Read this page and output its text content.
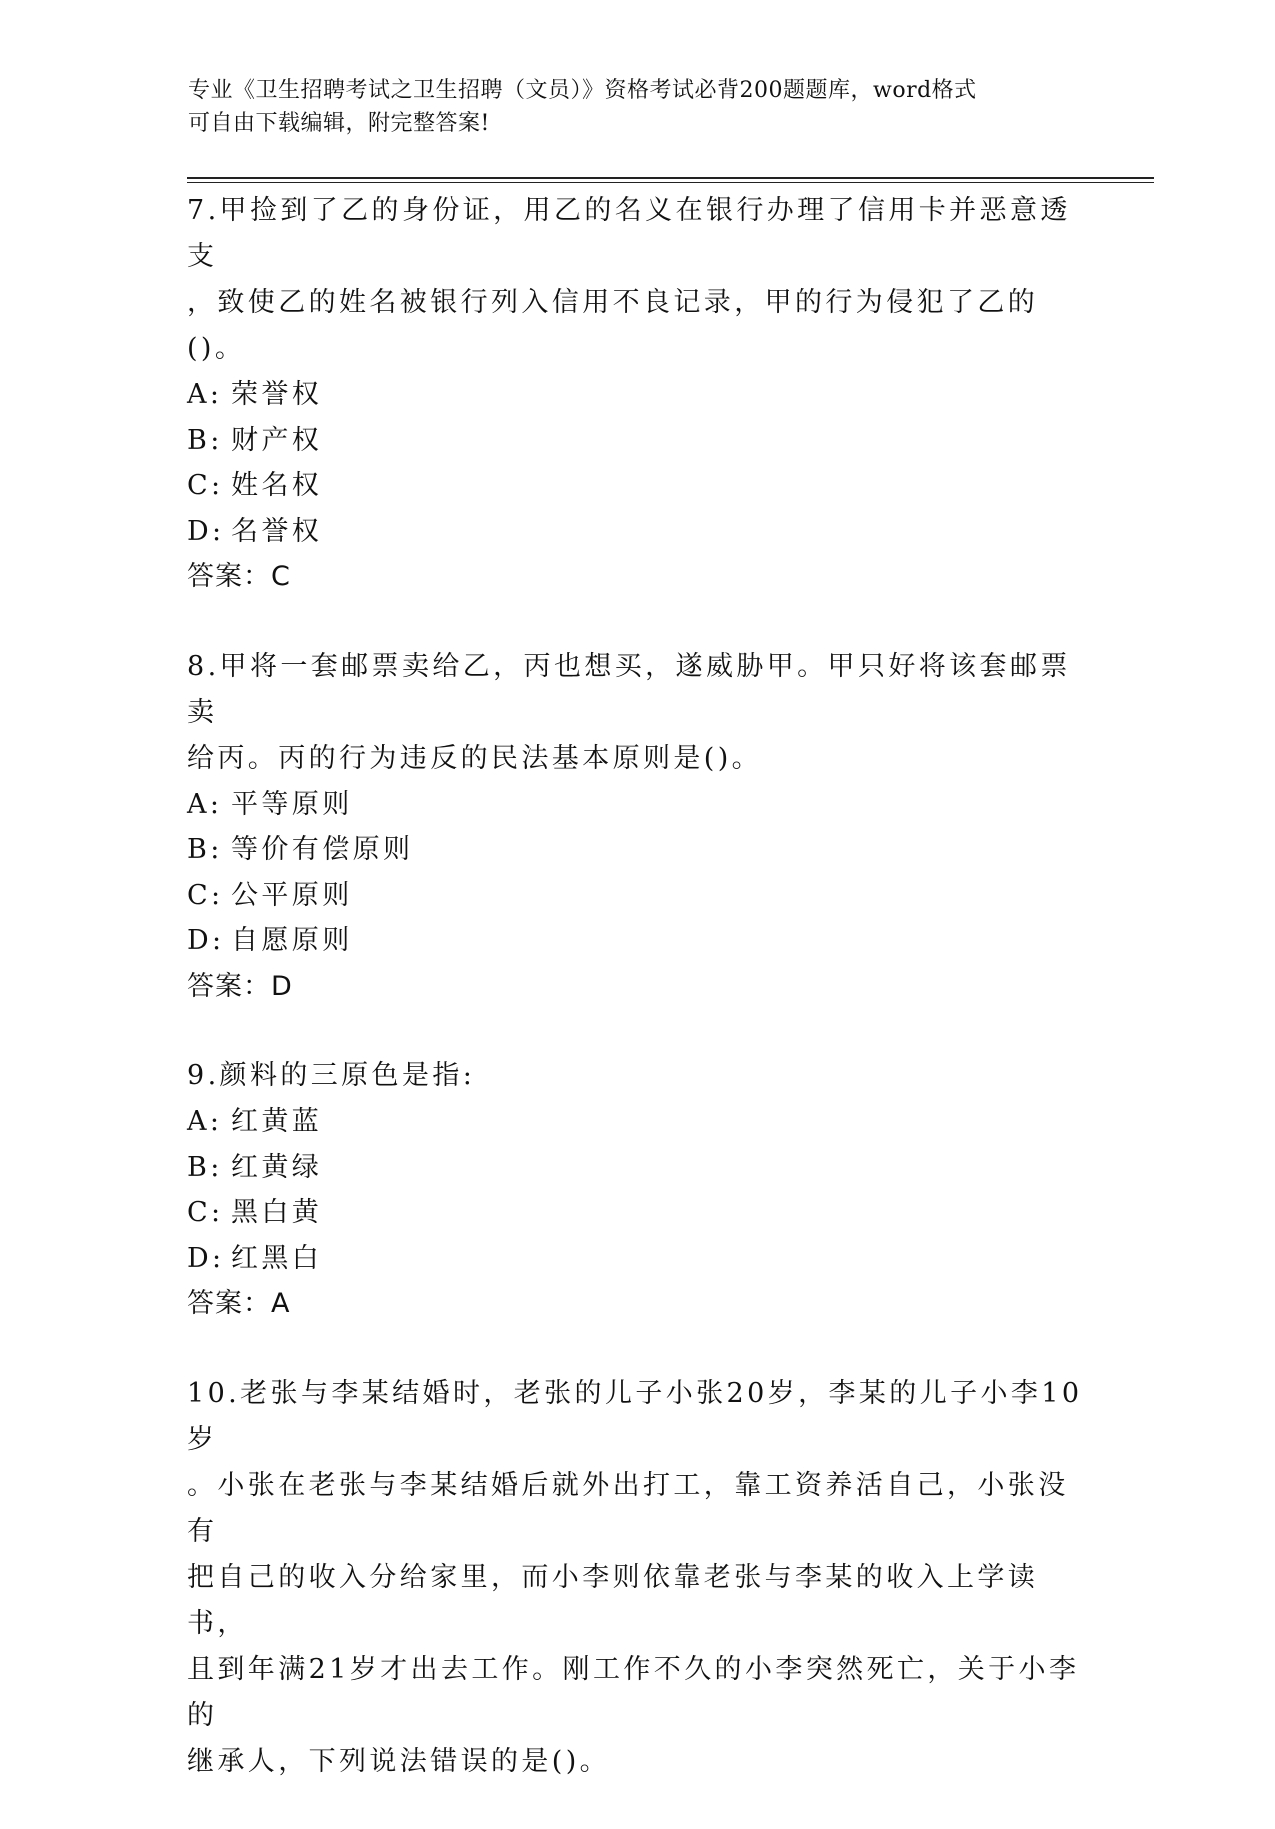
专业《卫生招聘考试之卫生招聘（文员）》资格考试必背200题题库，word格式
可自由下载编辑，附完整答案!

7.甲捡到了乙的身份证，用乙的名义在银行办理了信用卡并恶意透支

，致使乙的姓名被银行列入信用不良记录，甲的行为侵犯了乙的()。

A: 荣誉权

B: 财产权

C: 姓名权

D: 名誉权

答案：C

8.甲将一套邮票卖给乙，丙也想买，遂威胁甲。甲只好将该套邮票卖

给丙。丙的行为违反的民法基本原则是()。

A: 平等原则

B: 等价有偿原则

C: 公平原则

D: 自愿原则

答案：D

9.颜料的三原色是指:

A: 红黄蓝

B: 红黄绿

C: 黑白黄

D: 红黑白

答案：A

10.老张与李某结婚时，老张的儿子小张20岁，李某的儿子小李10岁

。小张在老张与李某结婚后就外出打工，靠工资养活自己，小张没有

把自己的收入分给家里，而小李则依靠老张与李某的收入上学读书，

且到年满21岁才出去工作。刚工作不久的小李突然死亡，关于小李的

继承人，下列说法错误的是()。
